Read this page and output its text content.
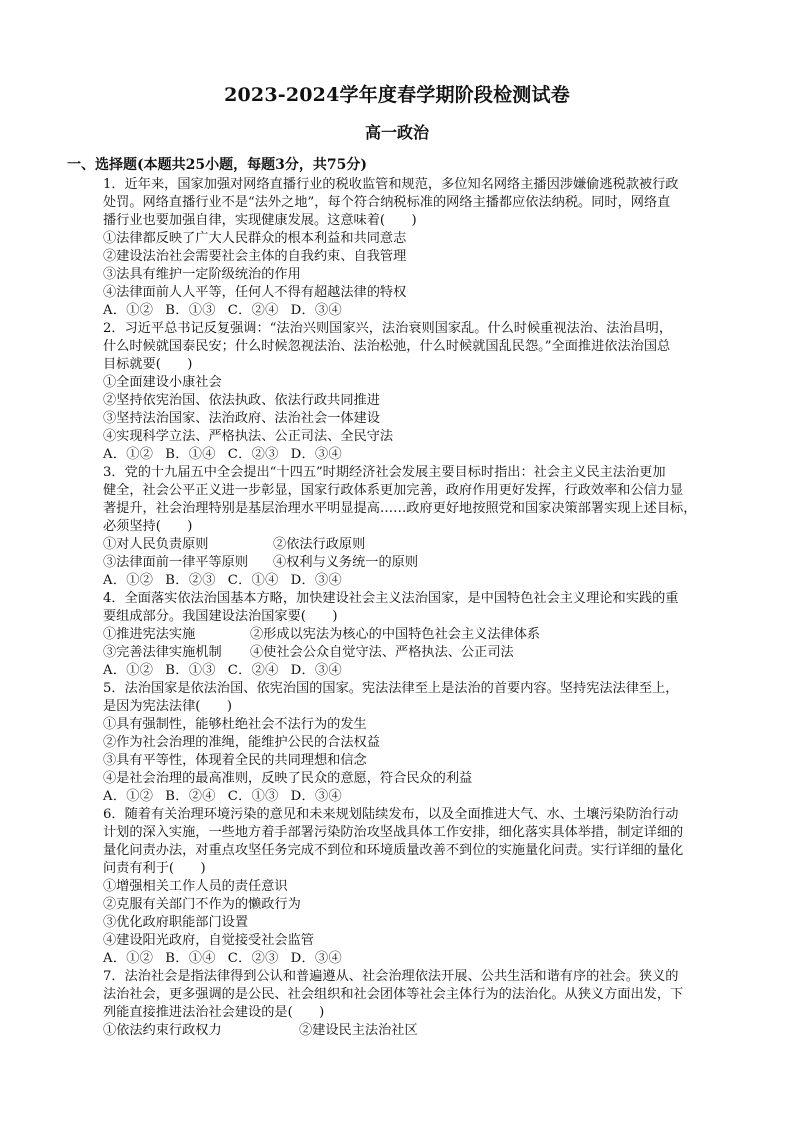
2023-2024学年度春学期阶段检测试卷
高一政治
一、选择题(本题共25小题，每题3分，共75分)
1．近年来，国家加强对网络直播行业的税收监管和规范，多位知名网络主播因涉嫌偷逃税款被行政
处罚。网络直播行业不是“法外之地”，每个符合纳税标准的网络主播都应依法纳税。同时，网络直
播行业也要加强自律，实现健康发展。这意味着(　　)
①法律都反映了广大人民群众的根本利益和共同意志
②建设法治社会需要社会主体的自我约束、自我管理
③法具有维护一定阶级统治的作用
④法律面前人人平等，任何人不得有超越法律的特权
A．①② B．①③ C．②④ D．③④
2．习近平总书记反复强调：“法治兴则国家兴，法治衰则国家乱。什么时候重视法治、法治昌明，
什么时候就国泰民安；什么时候忽视法治、法治松弛，什么时候就国乱民怨。”全面推进依法治国总
目标就要(　　)
①全面建设小康社会
②坚持依宪治国、依法执政、依法行政共同推进
③坚持法治国家、法治政府、法治社会一体建设
④实现科学立法、严格执法、公正司法、全民守法
A．①② B．①④ C．②③ D．③④
3．党的十九届五中全会提出“十四五”时期经济社会发展主要目标时指出：社会主义民主法治更加
健全，社会公平正义进一步彰显，国家行政体系更加完善，政府作用更好发挥，行政效率和公信力显
著提升，社会治理特别是基层治理水平明显提高……政府更好地按照党和国家决策部署实现上述目标，
必须坚持(　　)
①对人民负责原则	②依法行政原则
③法律面前一律平等原则 ④权利与义务统一的原则
A．①② B．②③ C．①④ D．③④
4．全面落实依法治国基本方略，加快建设社会主义法治国家，是中国特色社会主义理论和实践的重
要组成部分。我国建设法治国家要(　　)
①推进宪法实施	②形成以宪法为核心的中国特色社会主义法律体系
③完善法律实施机制 ④使社会公众自觉守法、严格执法、公正司法
A．①② B．①③ C．②④ D．③④
5．法治国家是依法治国、依宪治国的国家。宪法法律至上是法治的首要内容。坚持宪法法律至上，
是因为宪法法律(　　)
①具有强制性，能够杜绝社会不法行为的发生
②作为社会治理的准绳，能维护公民的合法权益
③具有平等性，体现着全民的共同理想和信念
④是社会治理的最高准则，反映了民众的意愿，符合民众的利益
A．①② B．②④ C．①③ D．③④
6．随着有关治理环境污染的意见和未来规划陆续发布，以及全面推进大气、水、土壤污染防治行动
计划的深入实施，一些地方着手部署污染防治攻坚战具体工作安排，细化落实具体举措，制定详细的
量化问责办法，对重点攻坚任务完成不到位和环境质量改善不到位的实施量化问责。实行详细的量化
问责有利于(　　)
①增强相关工作人员的责任意识
②克服有关部门不作为的懒政行为
③优化政府职能部门设置
④建设阳光政府，自觉接受社会监管
A．①② B．①④ C．②③ D．③④
7．法治社会是指法律得到公认和普遍遵从、社会治理依法开展、公共生活和谐有序的社会。狭义的
法治社会，更多强调的是公民、社会组织和社会团体等社会主体行为的法治化。从狭义方面出发，下
列能直接推进法治社会建设的是(　　)
①依法约束行政权力	②建设民主法治社区
